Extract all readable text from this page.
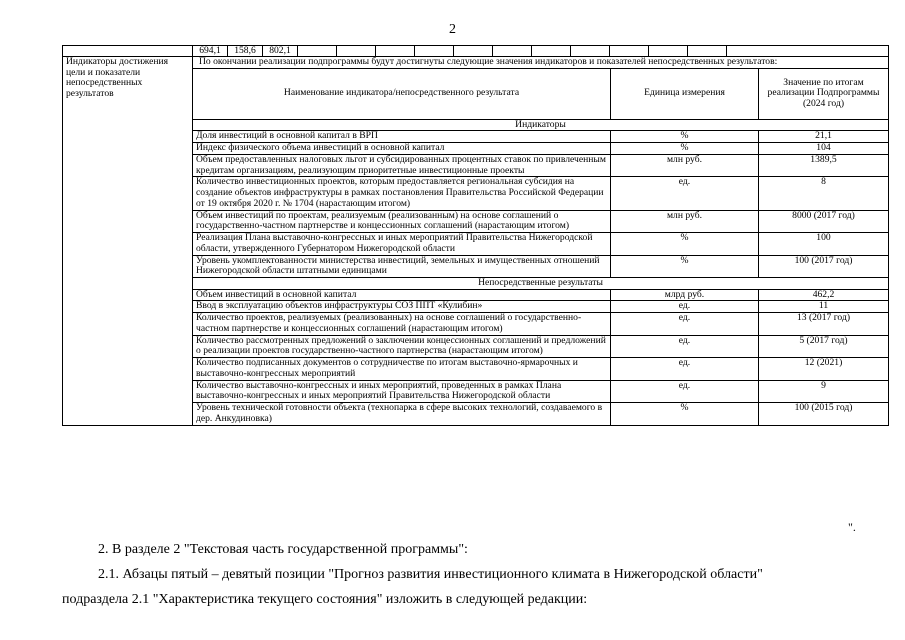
2

	694,1 158,6 802,1		

Индикаторы достижения цели и показатели непосредственных результатов	По окончании реализации подпрограммы будут достигнуты следующие значения индикаторов и показателей непосредственных результатов:		
	Наименование индикатора/непосредственного результата	Единица измерения	Значение по итогам реализации Подпрограммы (2024 год)
	Индикаторы		
	Доля инвестиций в основной капитал в ВРП	%	21,1
	Индекс физического объема инвестиций в основной капитал	%	104
	Объем предоставленных налоговых льгот и субсидированных процентных ставок по привлеченным кредитам организациям, реализующим приоритетные инвестиционные проекты	млн руб.	1389,5
	Количество инвестиционных проектов, которым предоставляется региональная субсидия на создание объектов инфраструктуры в рамках постановления Правительства Российской Федерации от 19 октября 2020 г. № 1704 (нарастающим итогом)	ед.	8
	Объем инвестиций по проектам, реализуемым (реализованным) на основе соглашений о государственно-частном партнерстве и концессионных соглашений (нарастающим итогом)	млн руб.	8000 (2017 год)
	Реализация Плана выставочно-конгрессных и иных мероприятий Правительства Нижегородской области, утвержденного Губернатором Нижегородской области	%	100
	Уровень укомплектованности министерства инвестиций, земельных и имущественных отношений Нижегородской области штатными единицами	%	100 (2017 год)
	Непосредственные результаты		
	Объем инвестиций в основной капитал	млрд руб.	462,2
	Ввод в эксплуатацию объектов инфраструктуры СОЗ ППТ «Кулибин»	ед.	11
	Количество проектов, реализуемых (реализованных) на основе соглашений о государственно-частном партнерстве и концессионных соглашений (нарастающим итогом)	ед.	13 (2017 год)
	Количество рассмотренных предложений о заключении концессионных соглашений и предложений о реализации проектов государственно-частного партнерства (нарастающим итогом)	ед.	5 (2017 год)
	Количество подписанных документов о сотрудничестве по итогам выставочно-ярмарочных и выставочно-конгрессных мероприятий	ед.	12 (2021)
	Количество выставочно-конгрессных и иных мероприятий, проведенных в рамках Плана выставочно-конгрессных и иных мероприятий Правительства Нижегородской области	ед.	9
	Уровень технической готовности объекта (технопарка в сфере высоких технологий, создаваемого в дер. Анкудиновка)	%	100 (2015 год)
".
2. В разделе 2 "Текстовая часть государственной программы":
2.1. Абзацы пятый – девятый позиции "Прогноз развития инвестиционного климата в Нижегородской области"
подраздела 2.1 "Характеристика текущего состояния" изложить в следующей редакции:
